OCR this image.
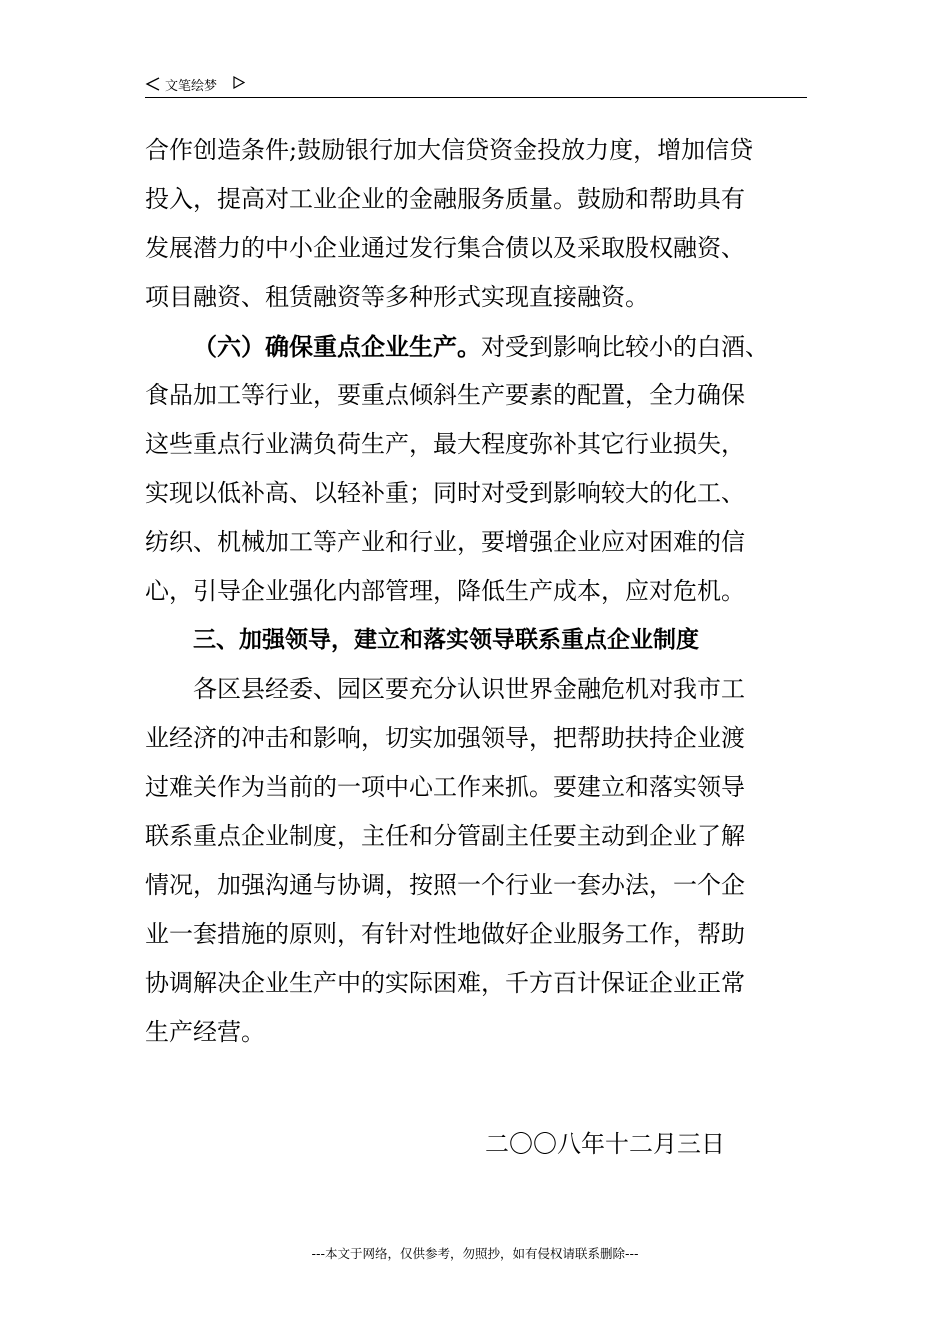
文笔绘梦
合作创造条件;鼓励银行加大信贷资金投放力度，增加信贷
投入，提高对工业企业的金融服务质量。鼓励和帮助具有
发展潜力的中小企业通过发行集合债以及采取股权融资、
项目融资、租赁融资等多种形式实现直接融资。
（六）确保重点企业生产。对受到影响比较小的白酒、
食品加工等行业，要重点倾斜生产要素的配置，全力确保
这些重点行业满负荷生产，最大程度弥补其它行业损失，
实现以低补高、以轻补重；同时对受到影响较大的化工、
纺织、机械加工等产业和行业，要增强企业应对困难的信
心，引导企业强化内部管理，降低生产成本，应对危机。
三、加强领导，建立和落实领导联系重点企业制度
各区县经委、园区要充分认识世界金融危机对我市工
业经济的冲击和影响，切实加强领导，把帮助扶持企业渡
过难关作为当前的一项中心工作来抓。要建立和落实领导
联系重点企业制度，主任和分管副主任要主动到企业了解
情况，加强沟通与协调，按照一个行业一套办法，一个企
业一套措施的原则，有针对性地做好企业服务工作，帮助
协调解决企业生产中的实际困难，千方百计保证企业正常
生产经营。
二〇〇八年十二月三日
---本文于网络，仅供参考，勿照抄，如有侵权请联系删除---
